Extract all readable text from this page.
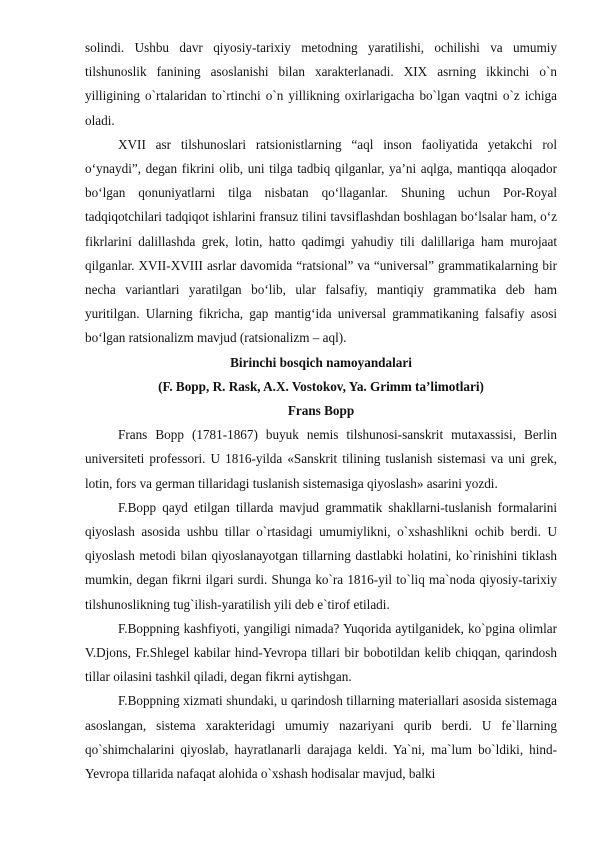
solindi. Ushbu davr qiyosiy-tarixiy metodning yaratilishi, ochilishi va umumiy tilshunoslik fanining asoslanishi bilan xarakterlanadi. XIX asrning ikkinchi o`n yilligining o`rtalaridan to`rtinchi o`n yillikning oxirlarigacha bo`lgan vaqtni o`z ichiga oladi.

XVII asr tilshunoslari ratsionistlarning “aql inson faoliyatida yetakchi rol o‘ynaydi”, degan fikrini olib, uni tilga tadbiq qilganlar, ya’ni aqlga, mantiqqa aloqador bo‘lgan qonuniyatlarni tilga nisbatan qo‘llaganlar. Shuning uchun Por-Royal tadqiqotchilari tadqiqot ishlarini fransuz tilini tavsiflashdan boshlagan bo‘lsalar ham, o‘z fikrlarini dalillashda grek, lotin, hatto qadimgi yahudiy tili dalillariga ham murojaat qilganlar. XVII-XVIII asrlar davomida “ratsional” va “universal” grammatikalarning bir necha variantlari yaratilgan bo‘lib, ular falsafiy, mantiqiy grammatika deb ham yuritilgan. Ularning fikricha, gap mantig‘ida universal grammatikaning falsafiy asosi bo‘lgan ratsionalizm mavjud (ratsionalizm – aql).

Birinchi bosqich namoyandalari

(F. Bopp, R. Rask, A.X. Vostokov, Ya. Grimm ta’limotlari)

Frans Bopp

Frans Bopp (1781-1867) buyuk nemis tilshunosi-sanskrit mutaxassisi, Berlin universiteti professori. U 1816-yilda «Sanskrit tilining tuslanish sistemasi va uni grek, lotin, fors va german tillaridagi tuslanish sistemasiga qiyoslash» asarini yozdi.

F.Bopp qayd etilgan tillarda mavjud grammatik shakllarni-tuslanish formalarini qiyoslash asosida ushbu tillar o`rtasidagi umumiylikni, o`xshashlikni ochib berdi. U qiyoslash metodi bilan qiyoslanayotgan tillarning dastlabki holatini, ko`rinishini tiklash mumkin, degan fikrni ilgari surdi. Shunga ko`ra 1816-yil to`liq ma`noda qiyosiy-tarixiy tilshunoslikning tug`ilish-yaratilish yili deb e`tirof etiladi.

F.Boppning kashfiyoti, yangiligi nimada? Yuqorida aytilganidek, ko`pgina olimlar V.Djons, Fr.Shlegel kabilar hind-Yevropa tillari bir bobotildan kelib chiqqan, qarindosh tillar oilasini tashkil qiladi, degan fikrni aytishgan.

F.Boppning xizmati shundaki, u qarindosh tillarning materiallari asosida sistemaga asoslangan, sistema xarakteridagi umumiy nazariyani qurib berdi. U fe`llarning qo`shimchalarini qiyoslab, hayratlanarli darajaga keldi. Ya`ni, ma`lum bo`ldiki, hind-Yevropa tillarida nafaqat alohida o`xshash hodisalar mavjud, balki
